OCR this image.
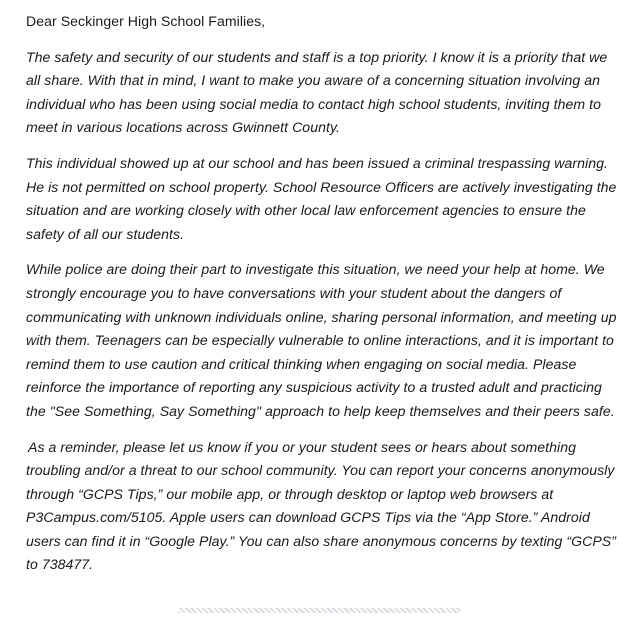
Dear Seckinger High School Families,

The safety and security of our students and staff is a top priority. I know it is a priority that we all share. With that in mind, I want to make you aware of a concerning situation involving an individual who has been using social media to contact high school students, inviting them to meet in various locations across Gwinnett County.

This individual showed up at our school and has been issued a criminal trespassing warning. He is not permitted on school property. School Resource Officers are actively investigating the situation and are working closely with other local law enforcement agencies to ensure the safety of all our students.

While police are doing their part to investigate this situation, we need your help at home. We strongly encourage you to have conversations with your student about the dangers of communicating with unknown individuals online, sharing personal information, and meeting up with them. Teenagers can be especially vulnerable to online interactions, and it is important to remind them to use caution and critical thinking when engaging on social media. Please reinforce the importance of reporting any suspicious activity to a trusted adult and practicing the "See Something, Say Something" approach to help keep themselves and their peers safe.

As a reminder, please let us know if you or your student sees or hears about something troubling and/or a threat to our school community. You can report your concerns anonymously through “GCPS Tips,” our mobile app, or through desktop or laptop web browsers at P3Campus.com/5105. Apple users can download GCPS Tips via the “App Store.” Android users can find it in “Google Play.” You can also share anonymous concerns by texting “GCPS” to 738477.
